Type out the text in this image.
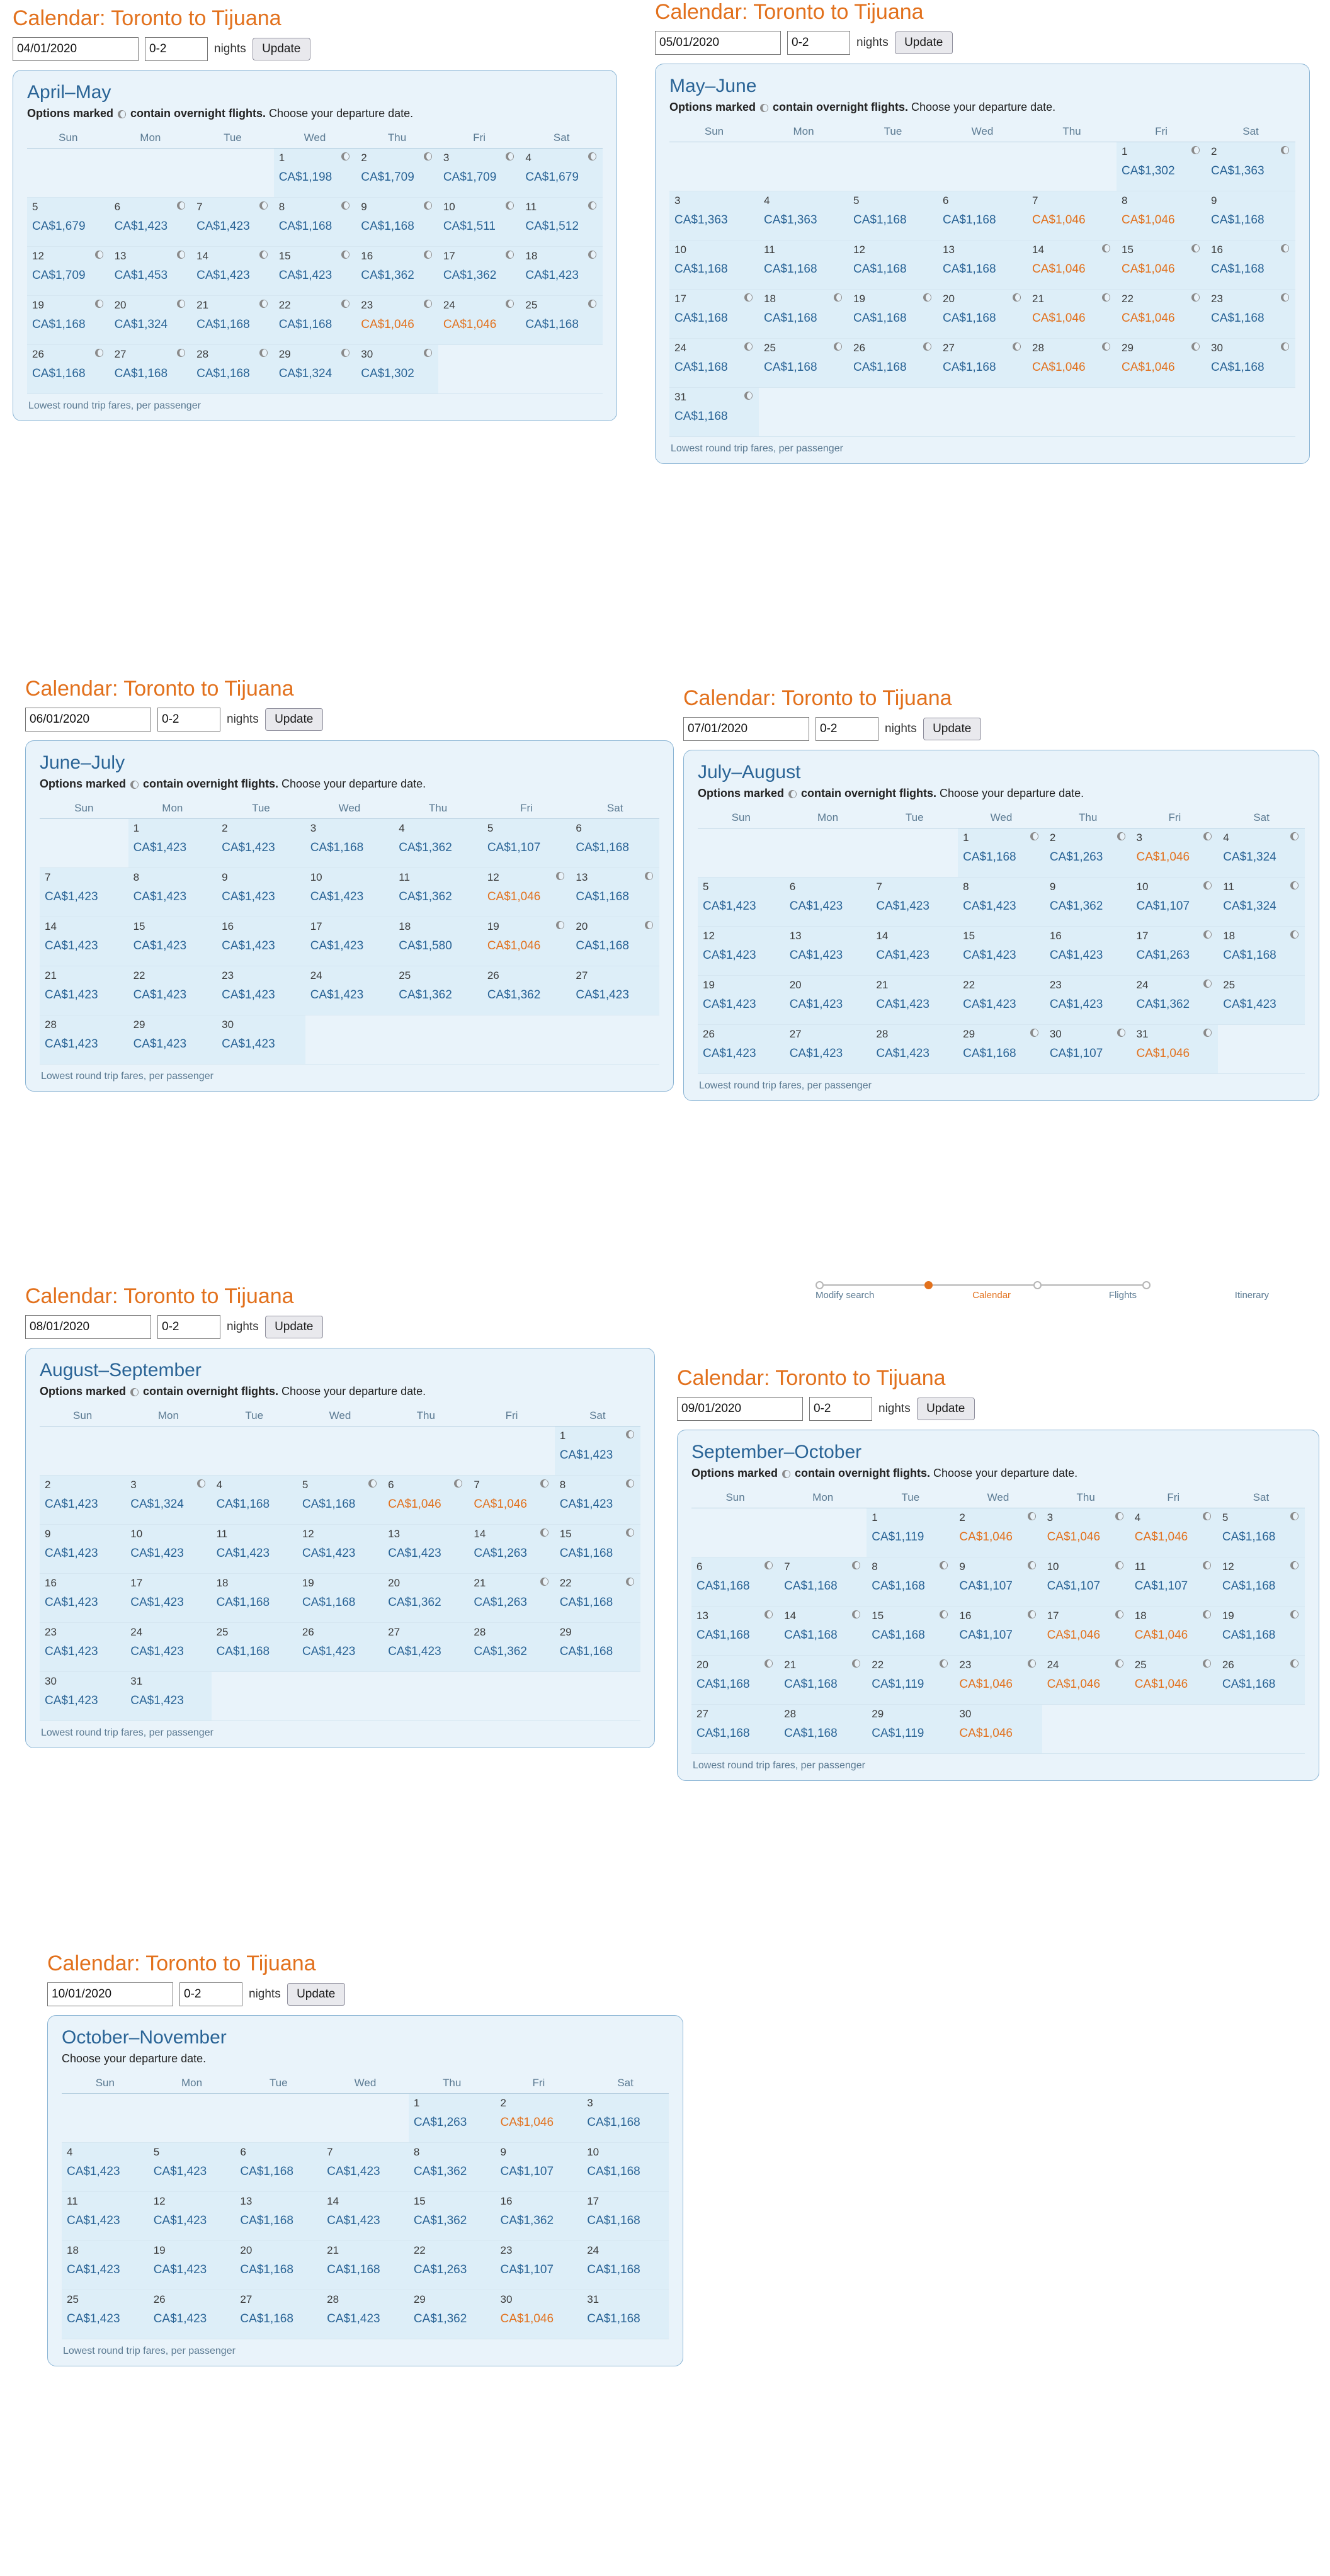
Calendar: Toronto to Tijuana
04/01/2020
0-2
nights	Update
April–May
Options marked  contain overnight flights. Choose your departure date.
Sun	Mon	Tue	Wed	Thu	Fri	Sat

			1
CA$1,198	2
CA$1,709	3
CA$1,709	4
CA$1,679

5
CA$1,679	6
CA$1,423	7
CA$1,423	8
CA$1,168	9
CA$1,168	10
CA$1,511	11
CA$1,512

12
CA$1,709	13
CA$1,453	14
CA$1,423	15
CA$1,423	16
CA$1,362	17
CA$1,362	18
CA$1,423

19
CA$1,168	20
CA$1,324	21
CA$1,168	22
CA$1,168	23
CA$1,046	24
CA$1,046	25
CA$1,168

26
CA$1,168	27
CA$1,168	28
CA$1,168	29
CA$1,324	30
CA$1,302		

Lowest round trip fares, per passenger
Calendar: Toronto to Tijuana
05/01/2020
0-2
nights	Update
May–June
Options marked  contain overnight flights. Choose your departure date.
Sun	Mon	Tue	Wed	Thu	Fri	Sat

					1
CA$1,302	2
CA$1,363

3
CA$1,363	4
CA$1,363	5
CA$1,168	6
CA$1,168	7
CA$1,046	8
CA$1,046	9
CA$1,168

10
CA$1,168	11
CA$1,168	12
CA$1,168	13
CA$1,168	14
CA$1,046	15
CA$1,046	16
CA$1,168

17
CA$1,168	18
CA$1,168	19
CA$1,168	20
CA$1,168	21
CA$1,046	22
CA$1,046	23
CA$1,168

24
CA$1,168	25
CA$1,168	26
CA$1,168	27
CA$1,168	28
CA$1,046	29
CA$1,046	30
CA$1,168

31
CA$1,168						

Lowest round trip fares, per passenger
Calendar: Toronto to Tijuana
06/01/2020
0-2
nights	Update
June–July
Options marked  contain overnight flights. Choose your departure date.
Sun	Mon	Tue	Wed	Thu	Fri	Sat

	1
CA$1,423	2
CA$1,423	3
CA$1,168	4
CA$1,362	5
CA$1,107	6
CA$1,168

7
CA$1,423	8
CA$1,423	9
CA$1,423	10
CA$1,423	11
CA$1,362	12
CA$1,046	13
CA$1,168

14
CA$1,423	15
CA$1,423	16
CA$1,423	17
CA$1,423	18
CA$1,580	19
CA$1,046	20
CA$1,168

21
CA$1,423	22
CA$1,423	23
CA$1,423	24
CA$1,423	25
CA$1,362	26
CA$1,362	27
CA$1,423

28
CA$1,423	29
CA$1,423	30
CA$1,423				

Lowest round trip fares, per passenger
Calendar: Toronto to Tijuana
07/01/2020
0-2
nights	Update
July–August
Options marked  contain overnight flights. Choose your departure date.
Sun	Mon	Tue	Wed	Thu	Fri	Sat

			1
CA$1,168	2
CA$1,263	3
CA$1,046	4
CA$1,324

5
CA$1,423	6
CA$1,423	7
CA$1,423	8
CA$1,423	9
CA$1,362	10
CA$1,107	11
CA$1,324

12
CA$1,423	13
CA$1,423	14
CA$1,423	15
CA$1,423	16
CA$1,423	17
CA$1,263	18
CA$1,168

19
CA$1,423	20
CA$1,423	21
CA$1,423	22
CA$1,423	23
CA$1,423	24
CA$1,362	25
CA$1,423

26
CA$1,423	27
CA$1,423	28
CA$1,423	29
CA$1,168	30
CA$1,107	31
CA$1,046	

Lowest round trip fares, per passenger
Calendar: Toronto to Tijuana
08/01/2020
0-2
nights	Update
August–September
Options marked  contain overnight flights. Choose your departure date.
Sun	Mon	Tue	Wed	Thu	Fri	Sat

						1
CA$1,423

2
CA$1,423	3
CA$1,324	4
CA$1,168	5
CA$1,168	6
CA$1,046	7
CA$1,046	8
CA$1,423

9
CA$1,423	10
CA$1,423	11
CA$1,423	12
CA$1,423	13
CA$1,423	14
CA$1,263	15
CA$1,168

16
CA$1,423	17
CA$1,423	18
CA$1,168	19
CA$1,168	20
CA$1,362	21
CA$1,263	22
CA$1,168

23
CA$1,423	24
CA$1,423	25
CA$1,168	26
CA$1,423	27
CA$1,423	28
CA$1,362	29
CA$1,168

30
CA$1,423	31
CA$1,423					

Lowest round trip fares, per passenger
Calendar: Toronto to Tijuana
09/01/2020
0-2
nights	Update
September–October
Options marked  contain overnight flights. Choose your departure date.
Sun	Mon	Tue	Wed	Thu	Fri	Sat

		1
CA$1,119	2
CA$1,046	3
CA$1,046	4
CA$1,046	5
CA$1,168

6
CA$1,168	7
CA$1,168	8
CA$1,168	9
CA$1,107	10
CA$1,107	11
CA$1,107	12
CA$1,168

13
CA$1,168	14
CA$1,168	15
CA$1,168	16
CA$1,107	17
CA$1,046	18
CA$1,046	19
CA$1,168

20
CA$1,168	21
CA$1,168	22
CA$1,119	23
CA$1,046	24
CA$1,046	25
CA$1,046	26
CA$1,168

27
CA$1,168	28
CA$1,168	29
CA$1,119	30
CA$1,046			

Lowest round trip fares, per passenger
Calendar: Toronto to Tijuana
10/01/2020
0-2
nights	Update
October–November
Choose your departure date.
Sun	Mon	Tue	Wed	Thu	Fri	Sat

				1
CA$1,263	2
CA$1,046	3
CA$1,168

4
CA$1,423	5
CA$1,423	6
CA$1,168	7
CA$1,423	8
CA$1,362	9
CA$1,107	10
CA$1,168

11
CA$1,423	12
CA$1,423	13
CA$1,168	14
CA$1,423	15
CA$1,362	16
CA$1,362	17
CA$1,168

18
CA$1,423	19
CA$1,423	20
CA$1,168	21
CA$1,168	22
CA$1,263	23
CA$1,107	24
CA$1,168

25
CA$1,423	26
CA$1,423	27
CA$1,168	28
CA$1,423	29
CA$1,362	30
CA$1,046	31
CA$1,168
Lowest round trip fares, per passenger
Modify search	Calendar	Flights	Itinerary
